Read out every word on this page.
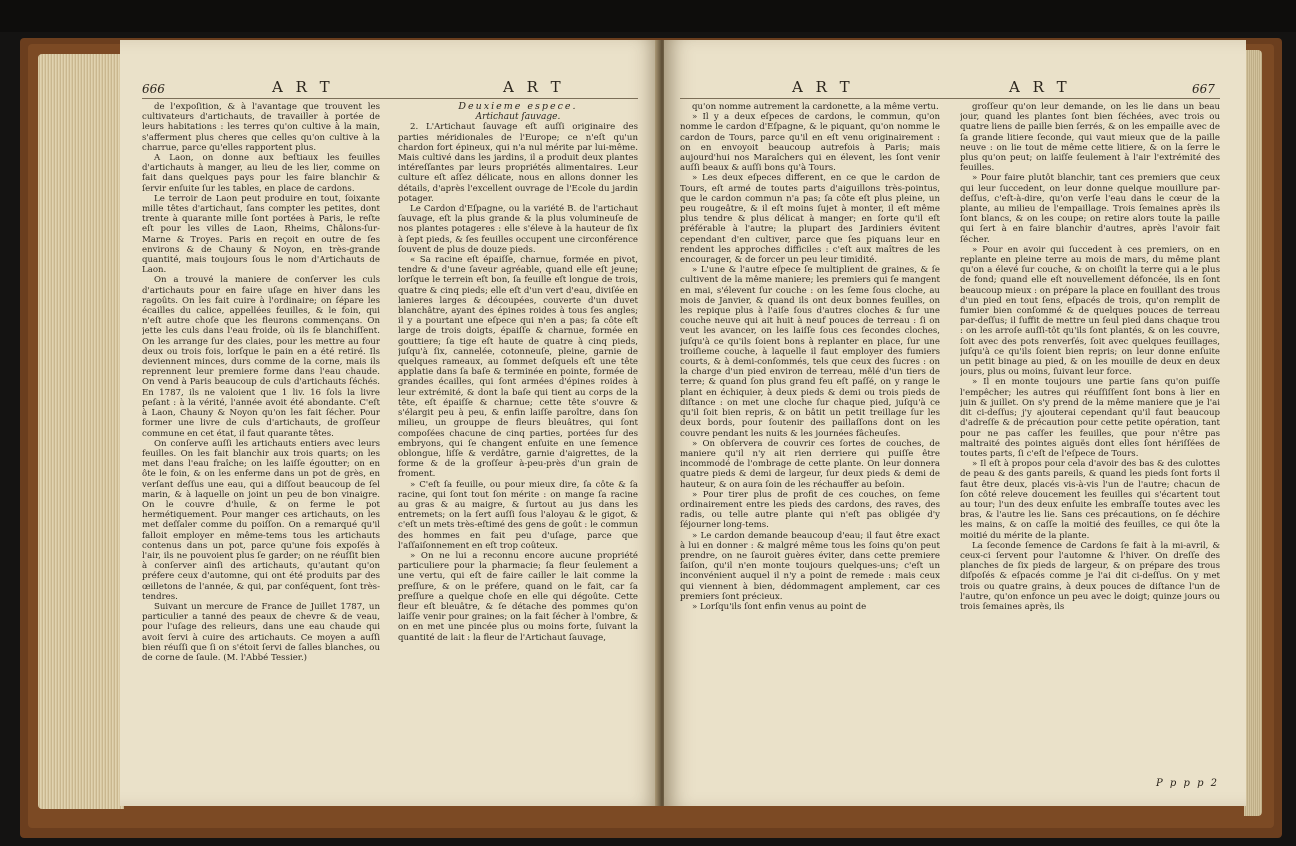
666	A R T	A R T

de l'expoſition, & à l'avantage que trouvent les cultivateurs d'artichauts, de travailler à portée de leurs habitations : les terres qu'on cultive à la main, s'afferment plus cheres que celles qu'on cultive à la charrue, parce qu'elles rapportent plus.

A Laon, on donne aux beſtiaux les feuilles d'artichauts à manger, au lieu de les lier, comme on fait dans quelques pays pour les faire blanchir & ſervir enſuite ſur les tables, en place de cardons.

Le terroir de Laon peut produire en tout, ſoixante mille têtes d'artichaut, ſans compter les petites, dont trente à quarante mille ſont portées à Paris, le reſte eſt pour les villes de Laon, Rheims, Châlons-ſur-Marne & Troyes. Paris en reçoit en outre de ſes environs & de Chauny & Noyon, en très-grande quantité, mais toujours ſous le nom d'Artichauts de Laon.

On a trouvé la maniere de conſerver les culs d'artichauts pour en faire uſage en hiver dans les ragoûts. On les fait cuire à l'ordinaire; on ſépare les écailles du calice, appellées feuilles, & le foin, qui n'eſt autre choſe que les fleurons commençans. On jette les culs dans l'eau froide, où ils ſe blanchiſſent. On les arrange ſur des claies, pour les mettre au four deux ou trois fois, lorſque le pain en a été retiré. Ils deviennent minces, durs comme de la corne, mais ils reprennent leur premiere forme dans l'eau chaude. On vend à Paris beaucoup de culs d'artichauts ſéchés. En 1787, ils ne valoient que 1 liv. 16 ſols la livre peſant : à la vérité, l'année avoit été abondante. C'eſt à Laon, Chauny & Noyon qu'on les fait ſécher. Pour former une livre de culs d'artichauts, de groſſeur commune en cet état, il faut quarante têtes.

On conſerve auſſi les artichauts entiers avec leurs feuilles. On les fait blanchir aux trois quarts; on les met dans l'eau fraîche; on les laiſſe égoutter; on en ôte le foin, & on les enferme dans un pot de grès, en verſant deſſus une eau, qui a diſſout beaucoup de ſel marin, & à laquelle on joint un peu de bon vinaigre. On le couvre d'huile, & on ferme le pot hermétiquement. Pour manger ces artichauts, on les met deſſaler comme du poiſſon. On a remarqué qu'il falloit employer en même-tems tous les artichauts contenus dans un pot, parce qu'une fois expoſés à l'air, ils ne pouvoient plus ſe garder; on ne réuſſit bien à conſerver ainſi des artichauts, qu'autant qu'on préfere ceux d'automne, qui ont été produits par des œilletons de l'année, & qui, par conſéquent, ſont très-tendres.

Suivant un mercure de France de Juillet 1787, un particulier a tanné des peaux de chevre & de veau, pour l'uſage des relieurs, dans une eau chaude qui avoit ſervi à cuire des artichauts. Ce moyen a auſſi bien réuſſi que ſi on s'étoit ſervi de ſalles blanches, ou de corne de ſaule. (M. l'Abbé Tessier.)

Deuxieme espece.

Artichaut ſauvage.

2. L'Artichaut ſauvage eſt auſſi originaire des parties méridionales de l'Europe; ce n'eſt qu'un chardon fort épineux, qui n'a nul mérite par lui-même. Mais cultivé dans les jardins, il a produit deux plantes intéreſſantes par leurs propriétés alimentaires. Leur culture eſt aſſez délicate, nous en allons donner les détails, d'après l'excellent ouvrage de l'Ecole du jardin potager.

Le Cardon d'Eſpagne, ou la variété B. de l'artichaut ſauvage, eſt la plus grande & la plus volumineuſe de nos plantes potageres : elle s'éleve à la hauteur de ſix à ſept pieds, & ſes feuilles occupent une circonférence ſouvent de plus de douze pieds.

« Sa racine eſt épaiſſe, charnue, formée en pivot, tendre & d'une ſaveur agréable, quand elle eſt jeune; lorſque le terrein eſt bon, ſa feuille eſt longue de trois, quatre & cinq pieds; elle eſt d'un vert d'eau, diviſée en lanieres larges & découpées, couverte d'un duvet blanchâtre, ayant des épines roides à tous ſes angles; il y a pourtant une eſpece qui n'en a pas; ſa côte eſt large de trois doigts, épaiſſe & charnue, formée en gouttiere; ſa tige eſt haute de quatre à cinq pieds, juſqu'à ſix, cannelée, cotonneuſe, pleine, garnie de quelques rameaux, au ſommet deſquels eſt une tête applatie dans ſa baſe & terminée en pointe, formée de grandes écailles, qui ſont armées d'épines roides à leur extrémité, & dont la baſe qui tient au corps de la tête, eſt épaiſſe & charnue; cette tête s'ouvre & s'élargit peu à peu, & enfin laiſſe paroître, dans ſon milieu, un grouppe de fleurs bleuâtres, qui ſont compoſées chacune de cinq parties, portées ſur des embryons, qui ſe changent enſuite en une ſemence oblongue, liſſe & verdâtre, garnie d'aigrettes, de la forme & de la groſſeur à-peu-près d'un grain de froment.

» C'eſt ſa feuille, ou pour mieux dire, ſa côte & ſa racine, qui ſont tout ſon mérite : on mange ſa racine au gras & au maigre, & ſurtout au jus dans les entremets; on la ſert auſſi ſous l'aloyau & le gigot, & c'eſt un mets très-eſtimé des gens de goût : le commun des hommes en fait peu d'uſage, parce que l'aſſaiſonnement en eſt trop coûteux.

» On ne lui a reconnu encore aucune propriété particuliere pour la pharmacie; ſa fleur ſeulement a une vertu, qui eſt de faire cailler le lait comme la preſſure, & on le préfere, quand on le fait, car ſa preſſure a quelque choſe en elle qui dégoûte. Cette fleur eſt bleuâtre, & ſe détache des pommes qu'on laiſſe venir pour graines; on la fait ſécher à l'ombre, & on en met une pincée plus ou moins forte, ſuivant la quantité de lait : la fleur de l'Artichaut ſauvage,

A R T	A R T	667

qu'on nomme autrement la cardonette, a la même vertu.

» Il y a deux eſpeces de cardons, le commun, qu'on nomme le cardon d'Eſpagne, & le piquant, qu'on nomme le cardon de Tours, parce qu'il en eſt venu originairement : on en envoyoit beaucoup autrefois à Paris; mais aujourd'hui nos Maraîchers qui en élevent, les ſont venir auſſi beaux & auſſi bons qu'à Tours.

» Les deux eſpeces different, en ce que le cardon de Tours, eſt armé de toutes parts d'aiguillons très-pointus, que le cardon commun n'a pas; ſa côte eſt plus pleine, un peu rougeâtre, & il eſt moins ſujet à monter, il eſt même plus tendre & plus délicat à manger; en ſorte qu'il eſt préférable à l'autre; la plupart des Jardiniers évitent cependant d'en cultiver, parce que ſes piquans leur en rendent les approches difficiles : c'eſt aux maîtres de les encourager, & de forcer un peu leur timidité.

» L'une & l'autre eſpece ſe multiplient de graines, & ſe cultivent de la même maniere; les premiers qui ſe mangent en mai, s'élevent ſur couche : on les ſeme ſous cloche, au mois de Janvier, & quand ils ont deux bonnes feuilles, on les repique plus à l'aiſe ſous d'autres cloches & ſur une couche neuve qui ait huit à neuf pouces de terreau : ſi on veut les avancer, on les laiſſe ſous ces ſecondes cloches, juſqu'à ce qu'ils ſoient bons à replanter en place, ſur une troiſieme couche, à laquelle il faut employer des fumiers courts, & à demi-conſommés, tels que ceux des ſucres : on la charge d'un pied environ de terreau, mêlé d'un tiers de terre; & quand ſon plus grand feu eſt paſſé, on y range le plant en échiquier, à deux pieds & demi ou trois pieds de diſtance : on met une cloche ſur chaque pied, juſqu'à ce qu'il ſoit bien repris, & on bâtit un petit treillage ſur les deux bords, pour ſoutenir des paillaſſons dont on les couvre pendant les nuits & les journées fâcheuſes.

» On obſervera de couvrir ces ſortes de couches, de maniere qu'il n'y ait rien derriere qui puiſſe être incommodé de l'ombrage de cette plante. On leur donnera quatre pieds & demi de largeur, ſur deux pieds & demi de hauteur, & on aura ſoin de les réchauffer au beſoin.

» Pour tirer plus de profit de ces couches, on ſeme ordinairement entre les pieds des cardons, des raves, des radis, ou telle autre plante qui n'eſt pas obligée d'y ſéjourner long-tems.

» Le cardon demande beaucoup d'eau; il faut être exact à lui en donner : & malgré même tous les ſoins qu'on peut prendre, on ne ſauroit guères éviter, dans cette premiere ſaiſon, qu'il n'en monte toujours quelques-uns; c'eſt un inconvénient auquel il n'y a point de remede : mais ceux qui viennent à bien, dédommagent amplement, car ces premiers ſont précieux.

» Lorſqu'ils ſont enfin venus au point de

groſſeur qu'on leur demande, on les lie dans un beau jour, quand les plantes ſont bien ſéchées, avec trois ou quatre liens de paille bien ſerrés, & on les empaille avec de ſa grande litiere ſeconde, qui vaut mieux que de la paille neuve : on lie tout de même cette litiere, & on la ſerre le plus qu'on peut; on laiſſe ſeulement à l'air l'extrémité des feuilles.

» Pour faire plutôt blanchir, tant ces premiers que ceux qui leur ſuccedent, on leur donne quelque mouillure par-deſſus, c'eſt-à-dire, qu'on verſe l'eau dans le cœur de la plante, au milieu de l'empaillage. Trois ſemaines après ils ſont blancs, & on les coupe; on retire alors toute la paille qui ſert à en faire blanchir d'autres, après l'avoir fait ſécher.

» Pour en avoir qui ſuccedent à ces premiers, on en replante en pleine terre au mois de mars, du même plant qu'on a élevé ſur couche, & on choiſit la terre qui a le plus de fond; quand elle eſt nouvellement défoncée, ils en ſont beaucoup mieux : on prépare la place en fouillant des trous d'un pied en tout ſens, eſpacés de trois, qu'on remplit de fumier bien conſommé & de quelques pouces de terreau par-deſſus; il ſuffit de mettre un ſeul pied dans chaque trou : on les arroſe auſſi-tôt qu'ils ſont plantés, & on les couvre, ſoit avec des pots renverſés, ſoit avec quelques feuillages, juſqu'à ce qu'ils ſoient bien repris; on leur donne enſuite un petit binage au pied, & on les mouille de deux en deux jours, plus ou moins, ſuivant leur force.

» Il en monte toujours une partie ſans qu'on puiſſe l'empêcher; les autres qui réuſſiſſent ſont bons à lier en juin & juillet. On s'y prend de la même maniere que je l'ai dit ci-deſſus; j'y ajouterai cependant qu'il faut beaucoup d'adreſſe & de précaution pour cette petite opération, tant pour ne pas caſſer les feuilles, que pour n'être pas maltraité des pointes aiguës dont elles ſont hériſſées de toutes parts, ſi c'eſt de l'eſpece de Tours.

» Il eſt à propos pour cela d'avoir des bas & des culottes de peau & des gants pareils, & quand les pieds ſont forts il faut être deux, placés vis-à-vis l'un de l'autre; chacun de ſon côté releve doucement les feuilles qui s'écartent tout au tour; l'un des deux enſuite les embraſſe toutes avec les bras, & l'autre les lie. Sans ces précautions, on ſe déchire les mains, & on caſſe la moitié des feuilles, ce qui ôte la moitié du mérite de la plante.

La ſeconde ſemence de Cardons ſe fait à la mi-avril, & ceux-ci ſervent pour l'automne & l'hiver. On dreſſe des planches de ſix pieds de largeur, & on prépare des trous diſpoſés & eſpacés comme je l'ai dit ci-deſſus. On y met trois ou quatre grains, à deux pouces de diſtance l'un de l'autre, qu'on enfonce un peu avec le doigt; quinze jours ou trois ſemaines après, ils

P p p p 2
